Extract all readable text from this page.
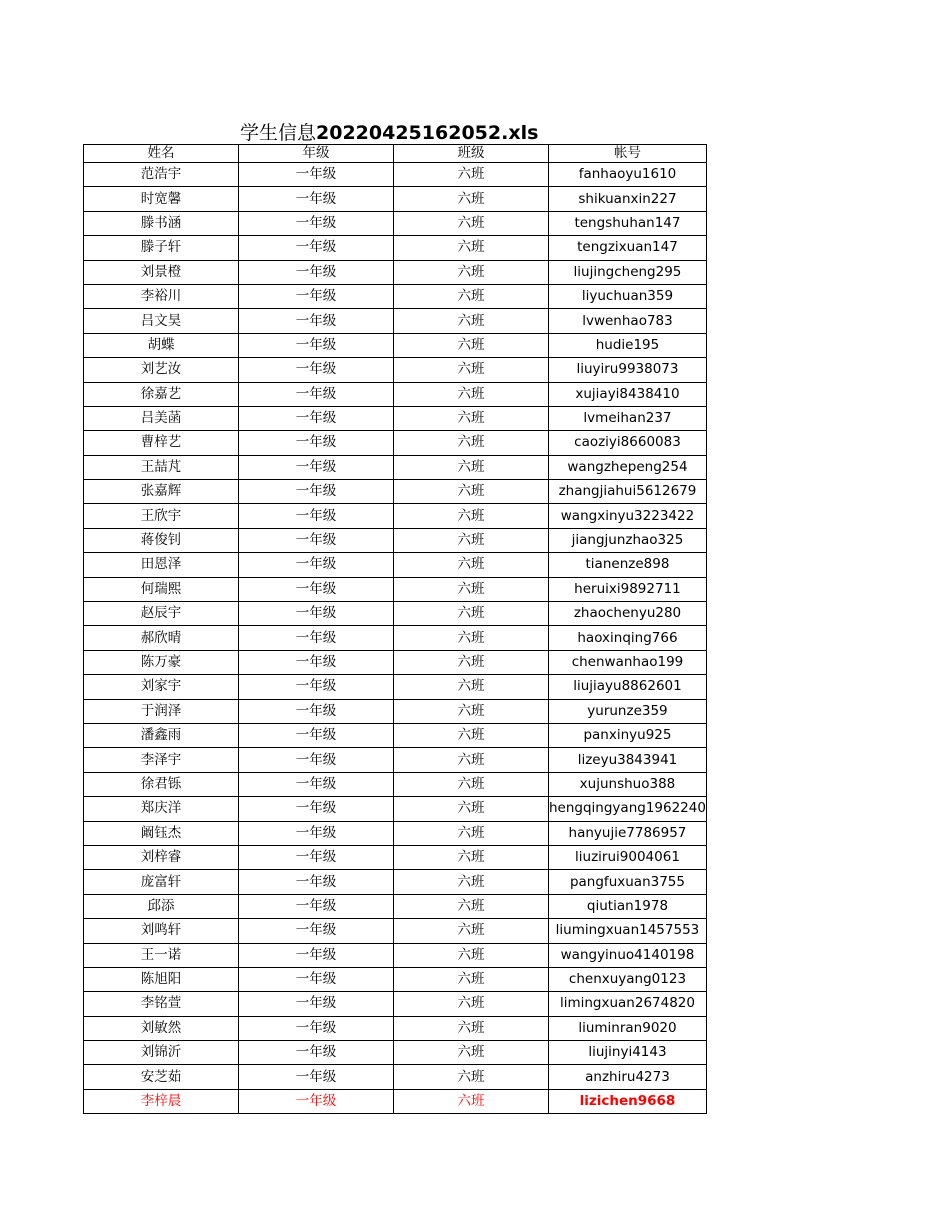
学生信息20220425162052.xls
姓名	年级	班级	帐号
范浩宇	一年级	六班	fanhaoyu1610
时宽馨	一年级	六班	shikuanxin227
滕书涵	一年级	六班	tengshuhan147
滕子轩	一年级	六班	tengzixuan147
刘景橙	一年级	六班	liujingcheng295
李裕川	一年级	六班	liyuchuan359
吕文昊	一年级	六班	lvwenhao783
胡蝶	一年级	六班	hudie195
刘艺汝	一年级	六班	liuyiru9938073
徐嘉艺	一年级	六班	xujiayi8438410
吕美菡	一年级	六班	lvmeihan237
曹梓艺	一年级	六班	caoziyi8660083
王喆芃	一年级	六班	wangzhepeng254
张嘉辉	一年级	六班	zhangjiahui5612679
王欣宇	一年级	六班	wangxinyu3223422
蒋俊钊	一年级	六班	jiangjunzhao325
田恩泽	一年级	六班	tianenze898
何瑞熙	一年级	六班	heruixi9892711
赵辰宇	一年级	六班	zhaochenyu280
郝欣晴	一年级	六班	haoxinqing766
陈万豪	一年级	六班	chenwanhao199
刘家宇	一年级	六班	liujiayu8862601
于润泽	一年级	六班	yurunze359
潘鑫雨	一年级	六班	panxinyu925
李泽宇	一年级	六班	lizeyu3843941
徐君铄	一年级	六班	xujunshuo388
郑庆洋	一年级	六班	hengqingyang1962240
阚钰杰	一年级	六班	hanyujie7786957
刘梓睿	一年级	六班	liuzirui9004061
庞富轩	一年级	六班	pangfuxuan3755
邱添	一年级	六班	qiutian1978
刘鸣轩	一年级	六班	liumingxuan1457553
王一诺	一年级	六班	wangyinuo4140198
陈旭阳	一年级	六班	chenxuyang0123
李铭萱	一年级	六班	limingxuan2674820
刘敏然	一年级	六班	liuminran9020
刘锦沂	一年级	六班	liujinyi4143
安芝茹	一年级	六班	anzhiru4273
李梓晨	一年级	六班	lizichen9668
